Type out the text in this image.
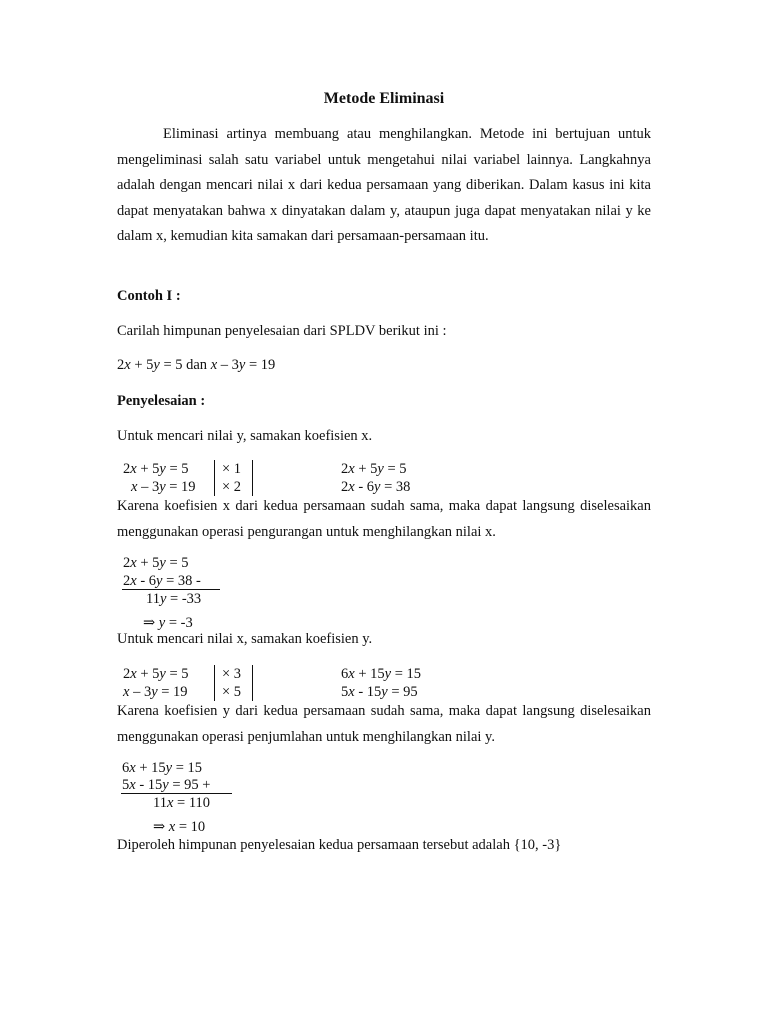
Metode Eliminasi
Eliminasi artinya membuang atau menghilangkan. Metode ini bertujuan untuk mengeliminasi salah satu variabel untuk mengetahui nilai variabel lainnya. Langkahnya adalah dengan mencari nilai x dari kedua persamaan yang diberikan. Dalam kasus ini kita dapat menyatakan bahwa x dinyatakan dalam y, ataupun juga dapat menyatakan nilai y ke dalam x, kemudian kita samakan dari persamaan-persamaan itu.
Contoh I :
Carilah himpunan penyelesaian dari SPLDV berikut ini :
2x + 5y = 5 dan x – 3y = 19
Penyelesaian :
Untuk mencari nilai y, samakan koefisien x.
2x + 5y = 5
x – 3y = 19
× 1
× 2
2x + 5y = 5
2x - 6y = 38
Karena koefisien x dari kedua persamaan sudah sama, maka dapat langsung diselesaikan menggunakan operasi pengurangan untuk menghilangkan nilai x.
2x + 5y = 5
2x - 6y = 38 -
11y = -33
⇒ y = -3
Untuk mencari nilai x, samakan koefisien y.
2x + 5y = 5
x – 3y = 19
× 3
× 5
6x + 15y = 15
5x - 15y = 95
Karena koefisien y dari kedua persamaan sudah sama, maka dapat langsung diselesaikan menggunakan operasi penjumlahan untuk menghilangkan nilai y.
6x + 15y = 15
5x - 15y = 95 +
11x = 110
⇒ x = 10
Diperoleh himpunan penyelesaian kedua persamaan tersebut adalah {10, -3}
